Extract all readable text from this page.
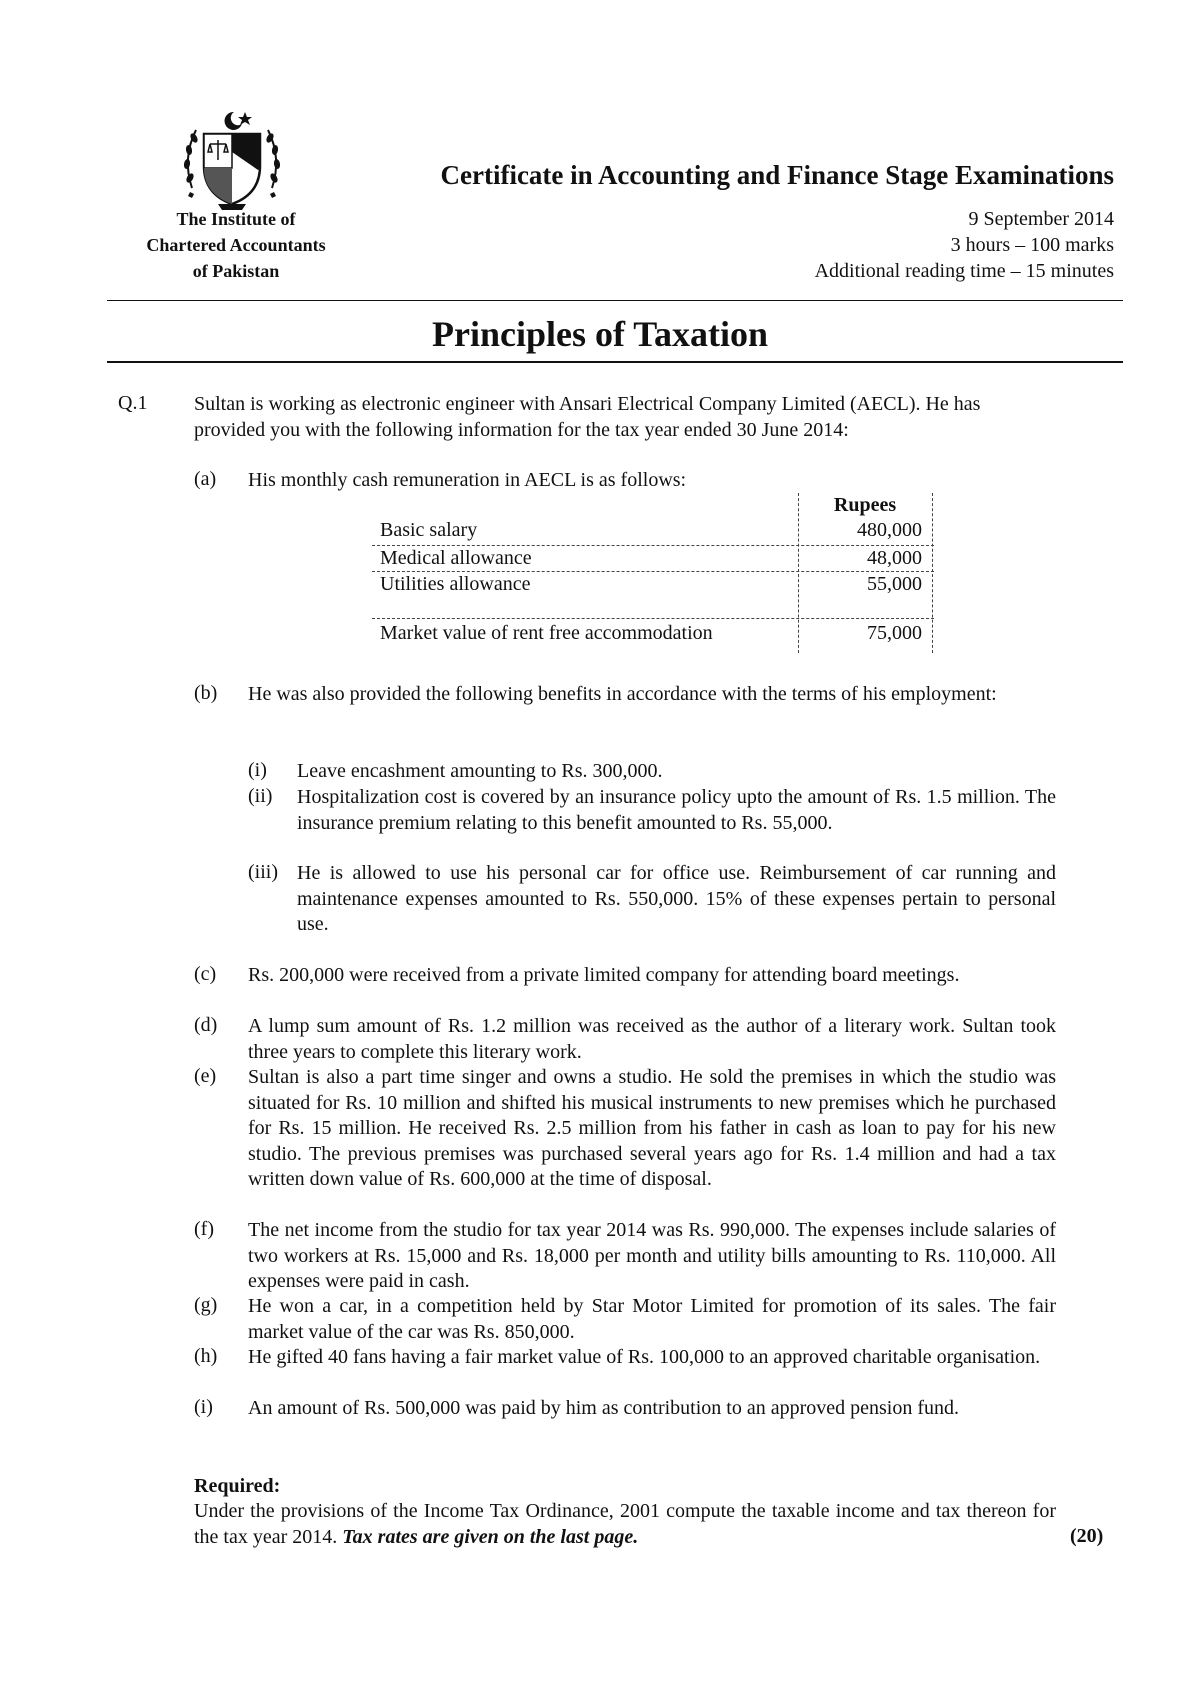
The Institute of
Chartered Accountants
of Pakistan
Certificate in Accounting and Finance Stage Examinations
9 September 2014
3 hours – 100 marks
Additional reading time – 15 minutes
Principles of Taxation
Q.1 Sultan is working as electronic engineer with Ansari Electrical Company Limited (AECL). He has provided you with the following information for the tax year ended 30 June 2014:
(a) His monthly cash remuneration in AECL is as follows:
Rupees
Basic salary	480,000
Medical allowance	48,000
Utilities allowance	55,000
Market value of rent free accommodation	75,000
(b) He was also provided the following benefits in accordance with the terms of his employment:
(i) Leave encashment amounting to Rs. 300,000.
(ii) Hospitalization cost is covered by an insurance policy upto the amount of Rs. 1.5 million. The insurance premium relating to this benefit amounted to Rs. 55,000.
(iii) He is allowed to use his personal car for office use. Reimbursement of car running and maintenance expenses amounted to Rs. 550,000. 15% of these expenses pertain to personal use.
(c) Rs. 200,000 were received from a private limited company for attending board meetings.
(d) A lump sum amount of Rs. 1.2 million was received as the author of a literary work. Sultan took three years to complete this literary work.
(e) Sultan is also a part time singer and owns a studio. He sold the premises in which the studio was situated for Rs. 10 million and shifted his musical instruments to new premises which he purchased for Rs. 15 million. He received Rs. 2.5 million from his father in cash as loan to pay for his new studio. The previous premises was purchased several years ago for Rs. 1.4 million and had a tax written down value of Rs. 600,000 at the time of disposal.
(f) The net income from the studio for tax year 2014 was Rs. 990,000. The expenses include salaries of two workers at Rs. 15,000 and Rs. 18,000 per month and utility bills amounting to Rs. 110,000. All expenses were paid in cash.
(g) He won a car, in a competition held by Star Motor Limited for promotion of its sales. The fair market value of the car was Rs. 850,000.
(h) He gifted 40 fans having a fair market value of Rs. 100,000 to an approved charitable organisation.
(i) An amount of Rs. 500,000 was paid by him as contribution to an approved pension fund.
Required:
Under the provisions of the Income Tax Ordinance, 2001 compute the taxable income and tax thereon for the tax year 2014. Tax rates are given on the last page.	(20)
